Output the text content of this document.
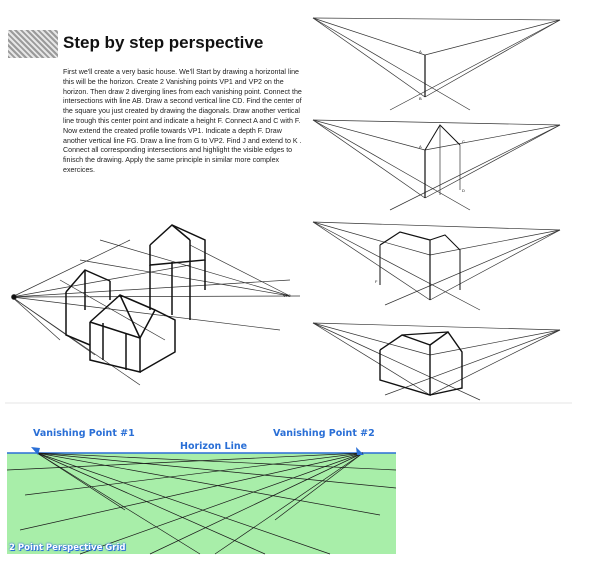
Step by step perspective
First we'll create a very basic house. We'll Start by drawing a horizontal line this will be the horizon. Create 2 Vanishing points VP1 and VP2 on the horizon. Then draw 2 diverging lines from each vanishing point. Connect the intersections with line AB. Draw a second vertical line CD. Find the center of the square you just created by drawing the diagonals. Draw another vertical line trough this center point and indicate a height F. Connect A and C with F. Now extend the created profile towards VP1. Indicate a depth F. Draw another vertical line FG. Draw a line from G to VP2. Find J and extend to K . Connect all corresponding intersections and highlight the visible edges to finisch the drawing. Apply the same principle in similar more complex exercices.
VP2
A
B
A
C
D
F
Vanishing Point #1	Vanishing Point #2
Horizon Line
2 Point Perspective Grid
